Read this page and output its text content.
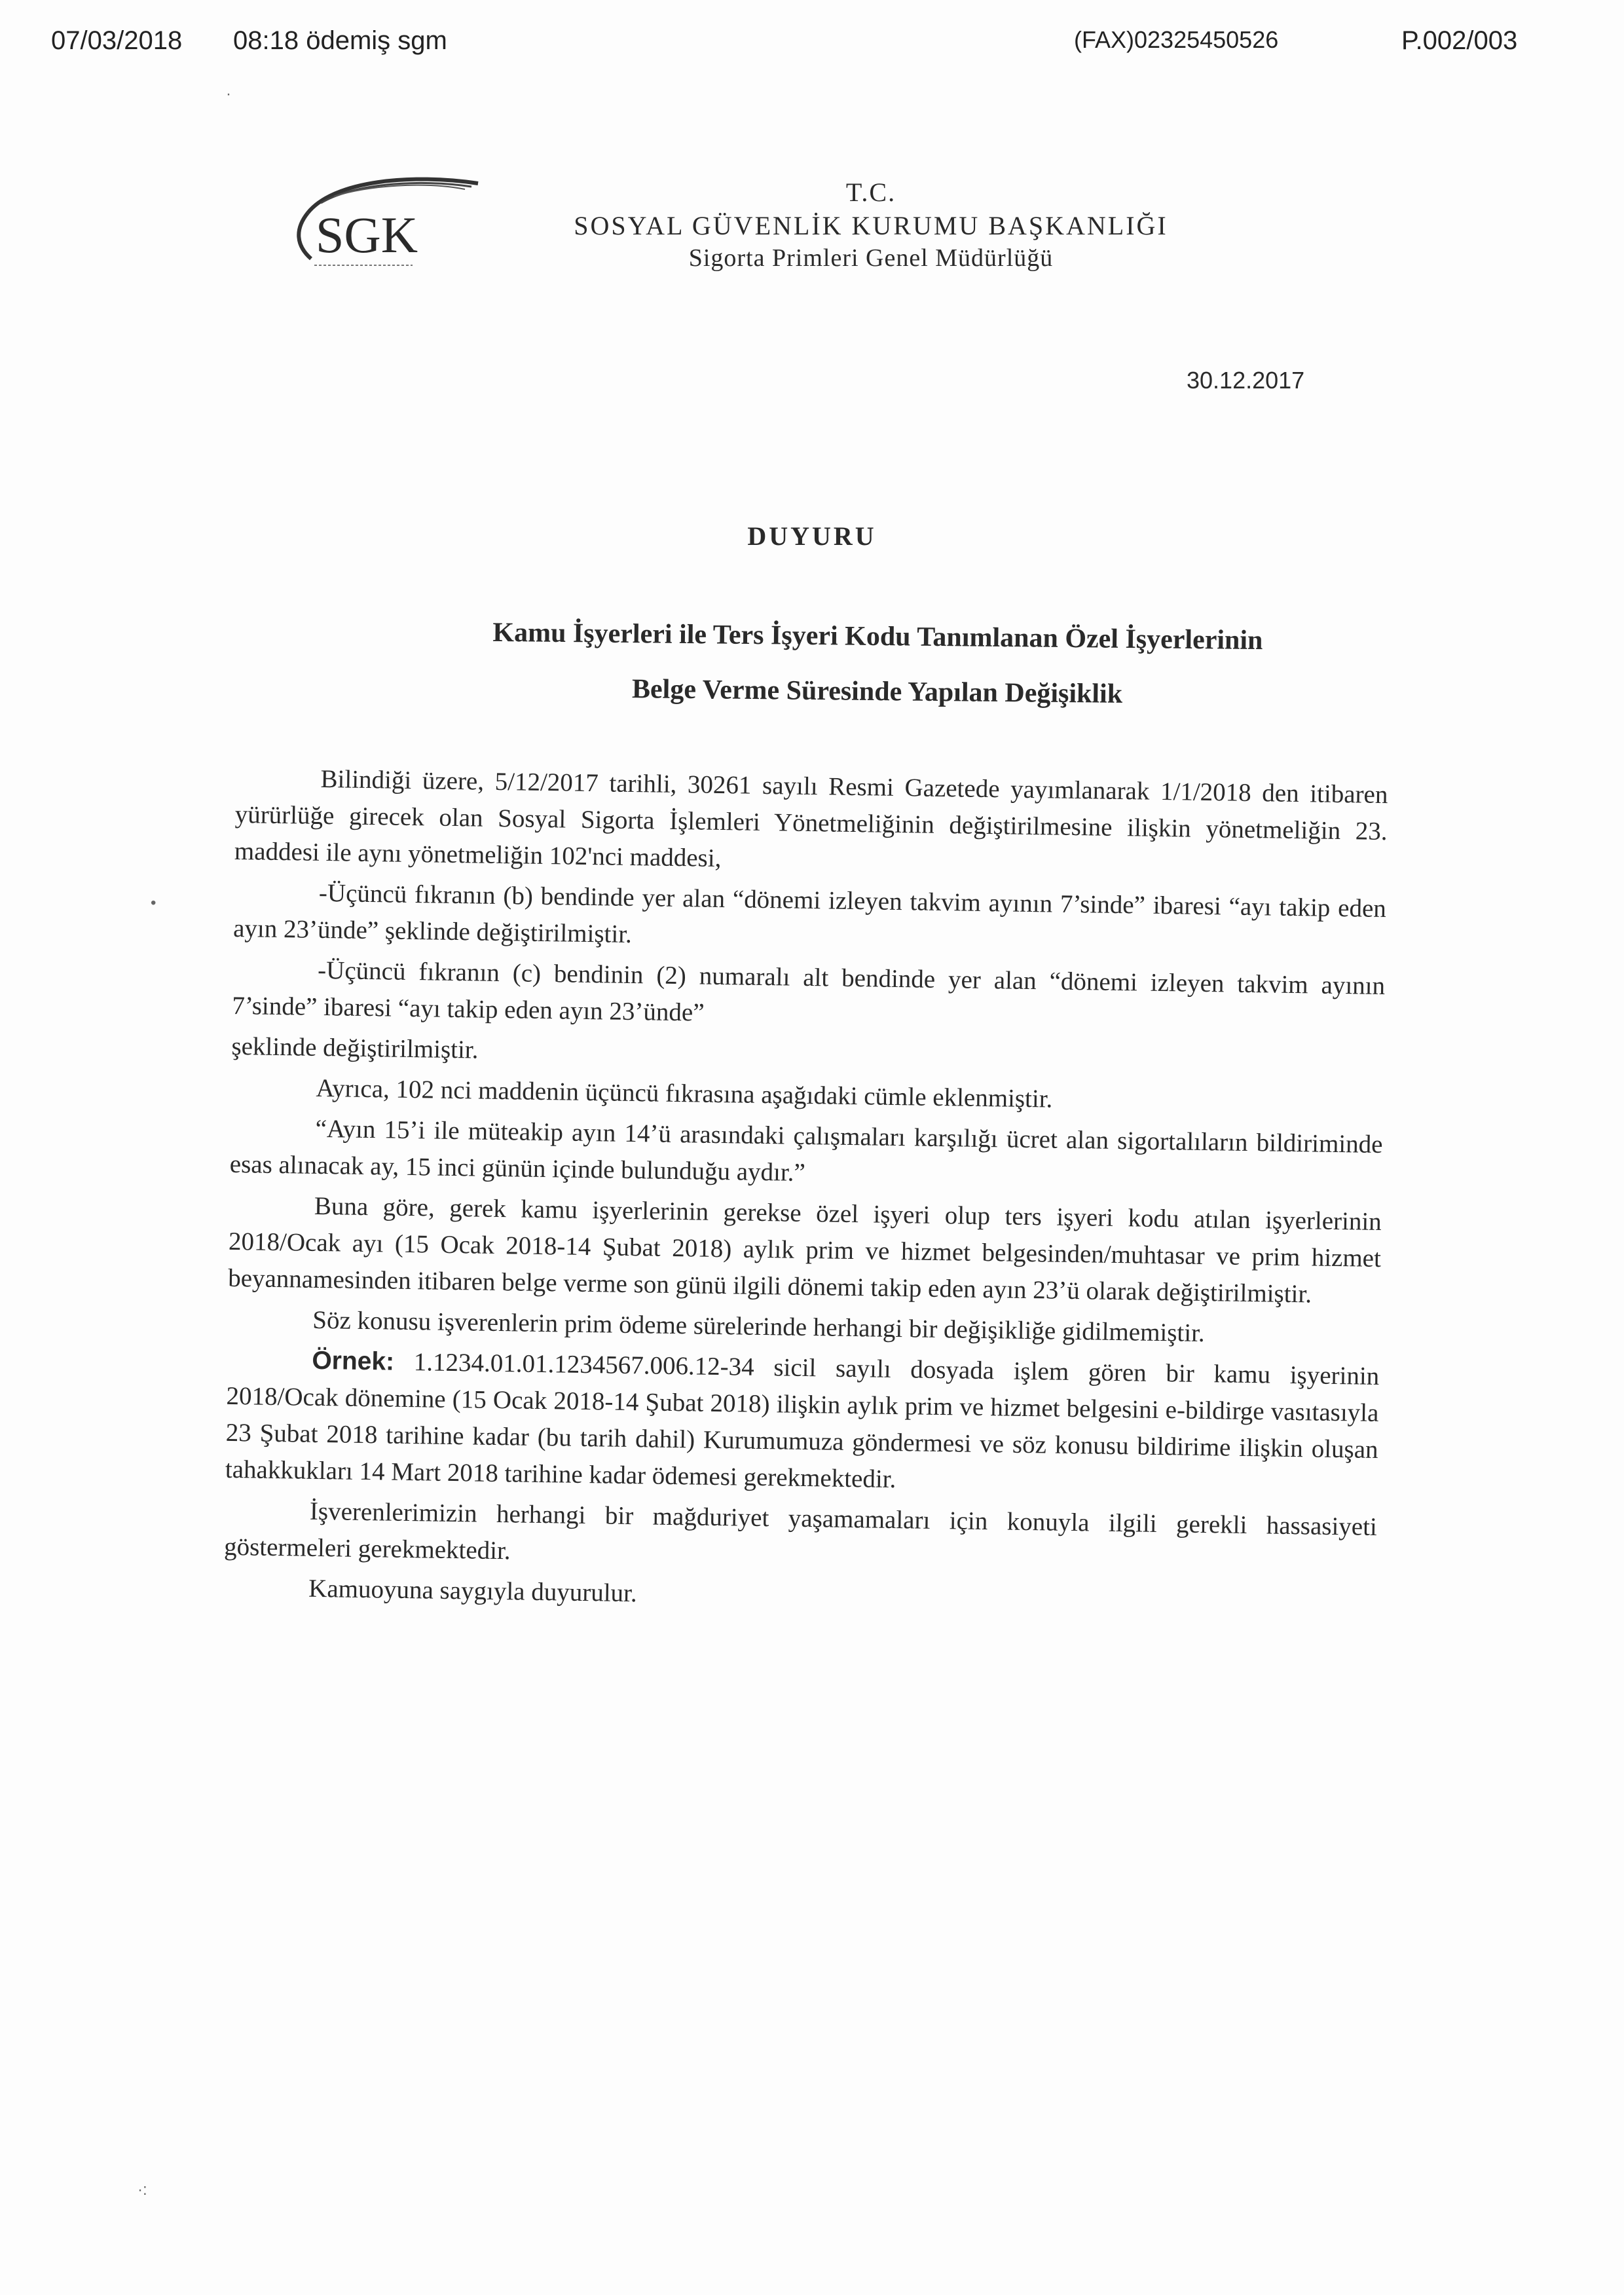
07/03/2018 08:18 ödemiş sgm	(FAX)02325450526	P.002/003
SGK
T.C.
SOSYAL GÜVENLİK KURUMU BAŞKANLIĞI
Sigorta Primleri Genel Müdürlüğü
30.12.2017
DUYURU
Kamu İşyerleri ile Ters İşyeri Kodu Tanımlanan Özel İşyerlerinin
Belge Verme Süresinde Yapılan Değişiklik

Bilindiği üzere, 5/12/2017 tarihli, 30261 sayılı Resmi Gazetede yayımlanarak 1/1/2018 den itibaren yürürlüğe girecek olan Sosyal Sigorta İşlemleri Yönetmeliğinin değiştirilmesine ilişkin yönetmeliğin 23. maddesi ile aynı yönetmeliğin 102'nci maddesi,

-Üçüncü fıkranın (b) bendinde yer alan “dönemi izleyen takvim ayının 7’sinde” ibaresi “ayı takip eden ayın 23’ünde” şeklinde değiştirilmiştir.

-Üçüncü fıkranın (c) bendinin (2) numaralı alt bendinde yer alan “dönemi izleyen takvim ayının 7’sinde” ibaresi “ayı takip eden ayın 23’ünde”

şeklinde değiştirilmiştir.

Ayrıca, 102 nci maddenin üçüncü fıkrasına aşağıdaki cümle eklenmiştir.

“Ayın 15’i ile müteakip ayın 14’ü arasındaki çalışmaları karşılığı ücret alan sigortalıların bildiriminde esas alınacak ay, 15 inci günün içinde bulunduğu aydır.”

Buna göre, gerek kamu işyerlerinin gerekse özel işyeri olup ters işyeri kodu atılan işyerlerinin 2018/Ocak ayı (15 Ocak 2018-14 Şubat 2018) aylık prim ve hizmet belgesinden/muhtasar ve prim hizmet beyannamesinden itibaren belge verme son günü ilgili dönemi takip eden ayın 23’ü olarak değiştirilmiştir.

Söz konusu işverenlerin prim ödeme sürelerinde herhangi bir değişikliğe gidilmemiştir.

Örnek: 1.1234.01.01.1234567.006.12-34 sicil sayılı dosyada işlem gören bir kamu işyerinin 2018/Ocak dönemine (15 Ocak 2018-14 Şubat 2018) ilişkin aylık prim ve hizmet belgesini e-bildirge vasıtasıyla 23 Şubat 2018 tarihine kadar (bu tarih dahil) Kurumumuza göndermesi ve söz konusu bildirime ilişkin oluşan tahakkukları 14 Mart 2018 tarihine kadar ödemesi gerekmektedir.

İşverenlerimizin herhangi bir mağduriyet yaşamamaları için konuyla ilgili gerekli hassasiyeti göstermeleri gerekmektedir.

Kamuoyuna saygıyla duyurulur.

•
·
·:
